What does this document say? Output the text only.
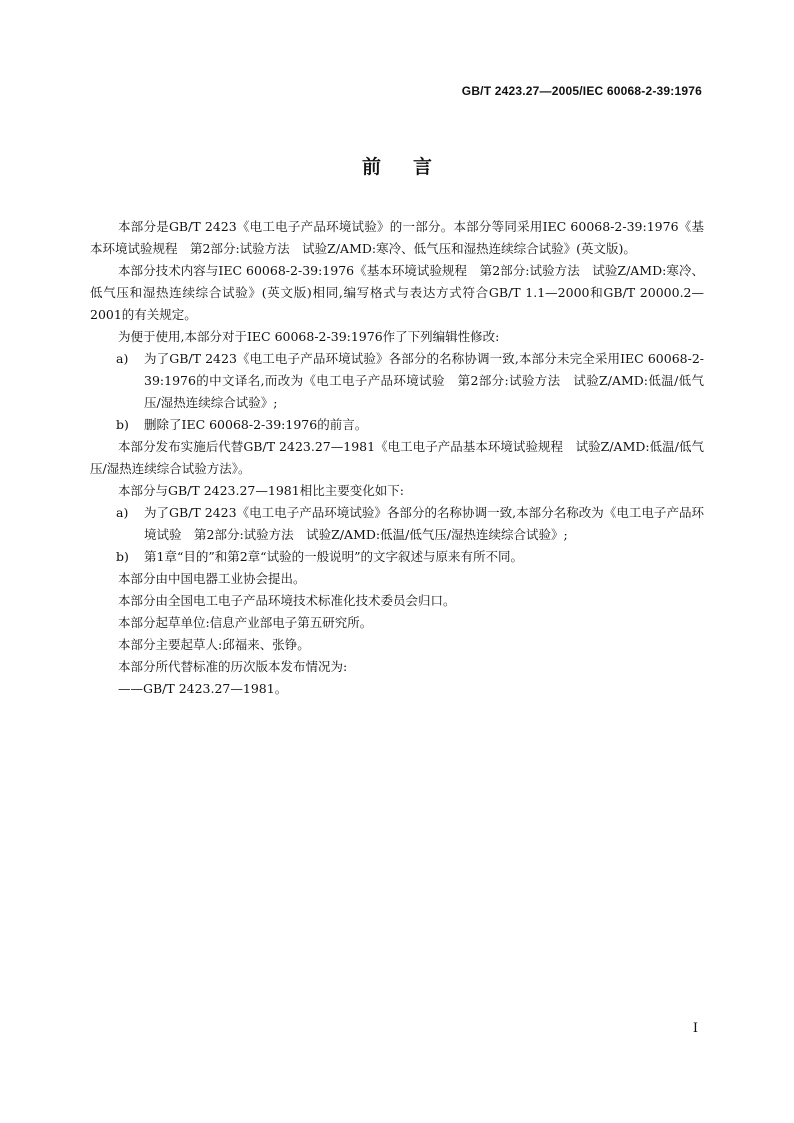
GB/T 2423.27—2005/IEC 60068-2-39:1976
前言

本部分是GB/T 2423《电工电子产品环境试验》的一部分。本部分等同采用IEC 60068-2-39:1976《基本环境试验规程　第2部分:试验方法　试验Z/AMD:寒冷、低气压和湿热连续综合试验》(英文版)。

本部分技术内容与IEC 60068-2-39:1976《基本环境试验规程　第2部分:试验方法　试验Z/AMD:寒冷、低气压和湿热连续综合试验》(英文版)相同,编写格式与表达方式符合GB/T 1.1—2000和GB/T 20000.2—2001的有关规定。

为便于使用,本部分对于IEC 60068-2-39:1976作了下列编辑性修改:

a) 为了GB/T 2423《电工电子产品环境试验》各部分的名称协调一致,本部分未完全采用IEC 60068-2-39:1976的中文译名,而改为《电工电子产品环境试验　第2部分:试验方法　试验Z/AMD:低温/低气压/湿热连续综合试验》;
b) 删除了IEC 60068-2-39:1976的前言。

本部分发布实施后代替GB/T 2423.27—1981《电工电子产品基本环境试验规程　试验Z/AMD:低温/低气压/湿热连续综合试验方法》。

本部分与GB/T 2423.27—1981相比主要变化如下:

a) 为了GB/T 2423《电工电子产品环境试验》各部分的名称协调一致,本部分名称改为《电工电子产品环境试验　第2部分:试验方法　试验Z/AMD:低温/低气压/湿热连续综合试验》;
b) 第1章“目的”和第2章“试验的一般说明”的文字叙述与原来有所不同。

本部分由中国电器工业协会提出。

本部分由全国电工电子产品环境技术标准化技术委员会归口。

本部分起草单位:信息产业部电子第五研究所。

本部分主要起草人:邱福来、张铮。

本部分所代替标准的历次版本发布情况为:

——GB/T 2423.27—1981。

I
